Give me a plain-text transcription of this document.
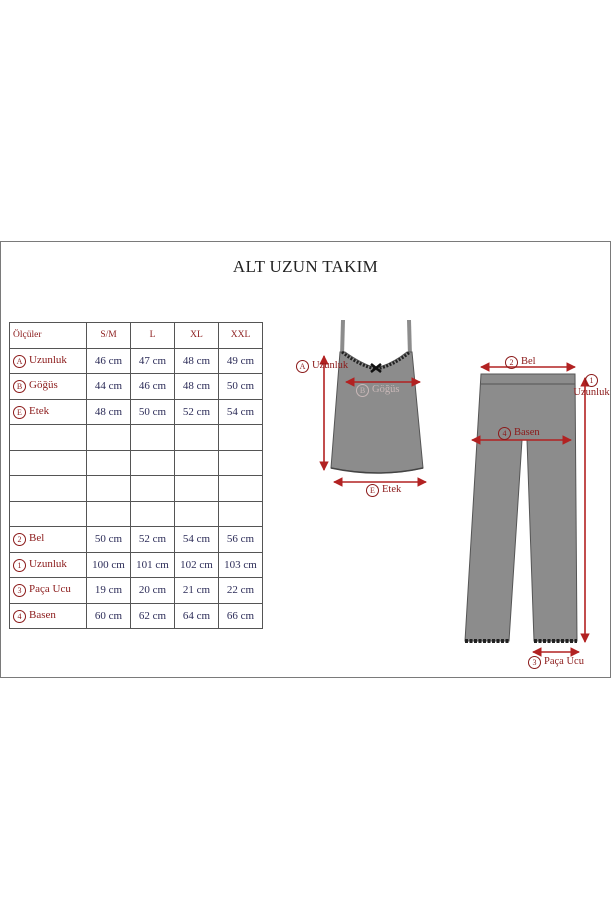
ALT UZUN TAKIM
Ölçüler	S/M	L	XL	XXL
A Uzunluk	46 cm	47 cm	48 cm	49 cm
B Göğüs	44 cm	46 cm	48 cm	50 cm
E Etek	48 cm	50 cm	52 cm	54 cm

2 Bel	50 cm	52 cm	54 cm	56 cm
1 Uzunluk	100 cm	101 cm	102 cm	103 cm
3 Paça Ucu	19 cm	20 cm	21 cm	22 cm
4 Basen	60 cm	62 cm	64 cm	66 cm
A Uzunluk
B Göğüs
E Etek
2 Bel
4 Basen
1
Uzunluk
3 Paça Ucu
